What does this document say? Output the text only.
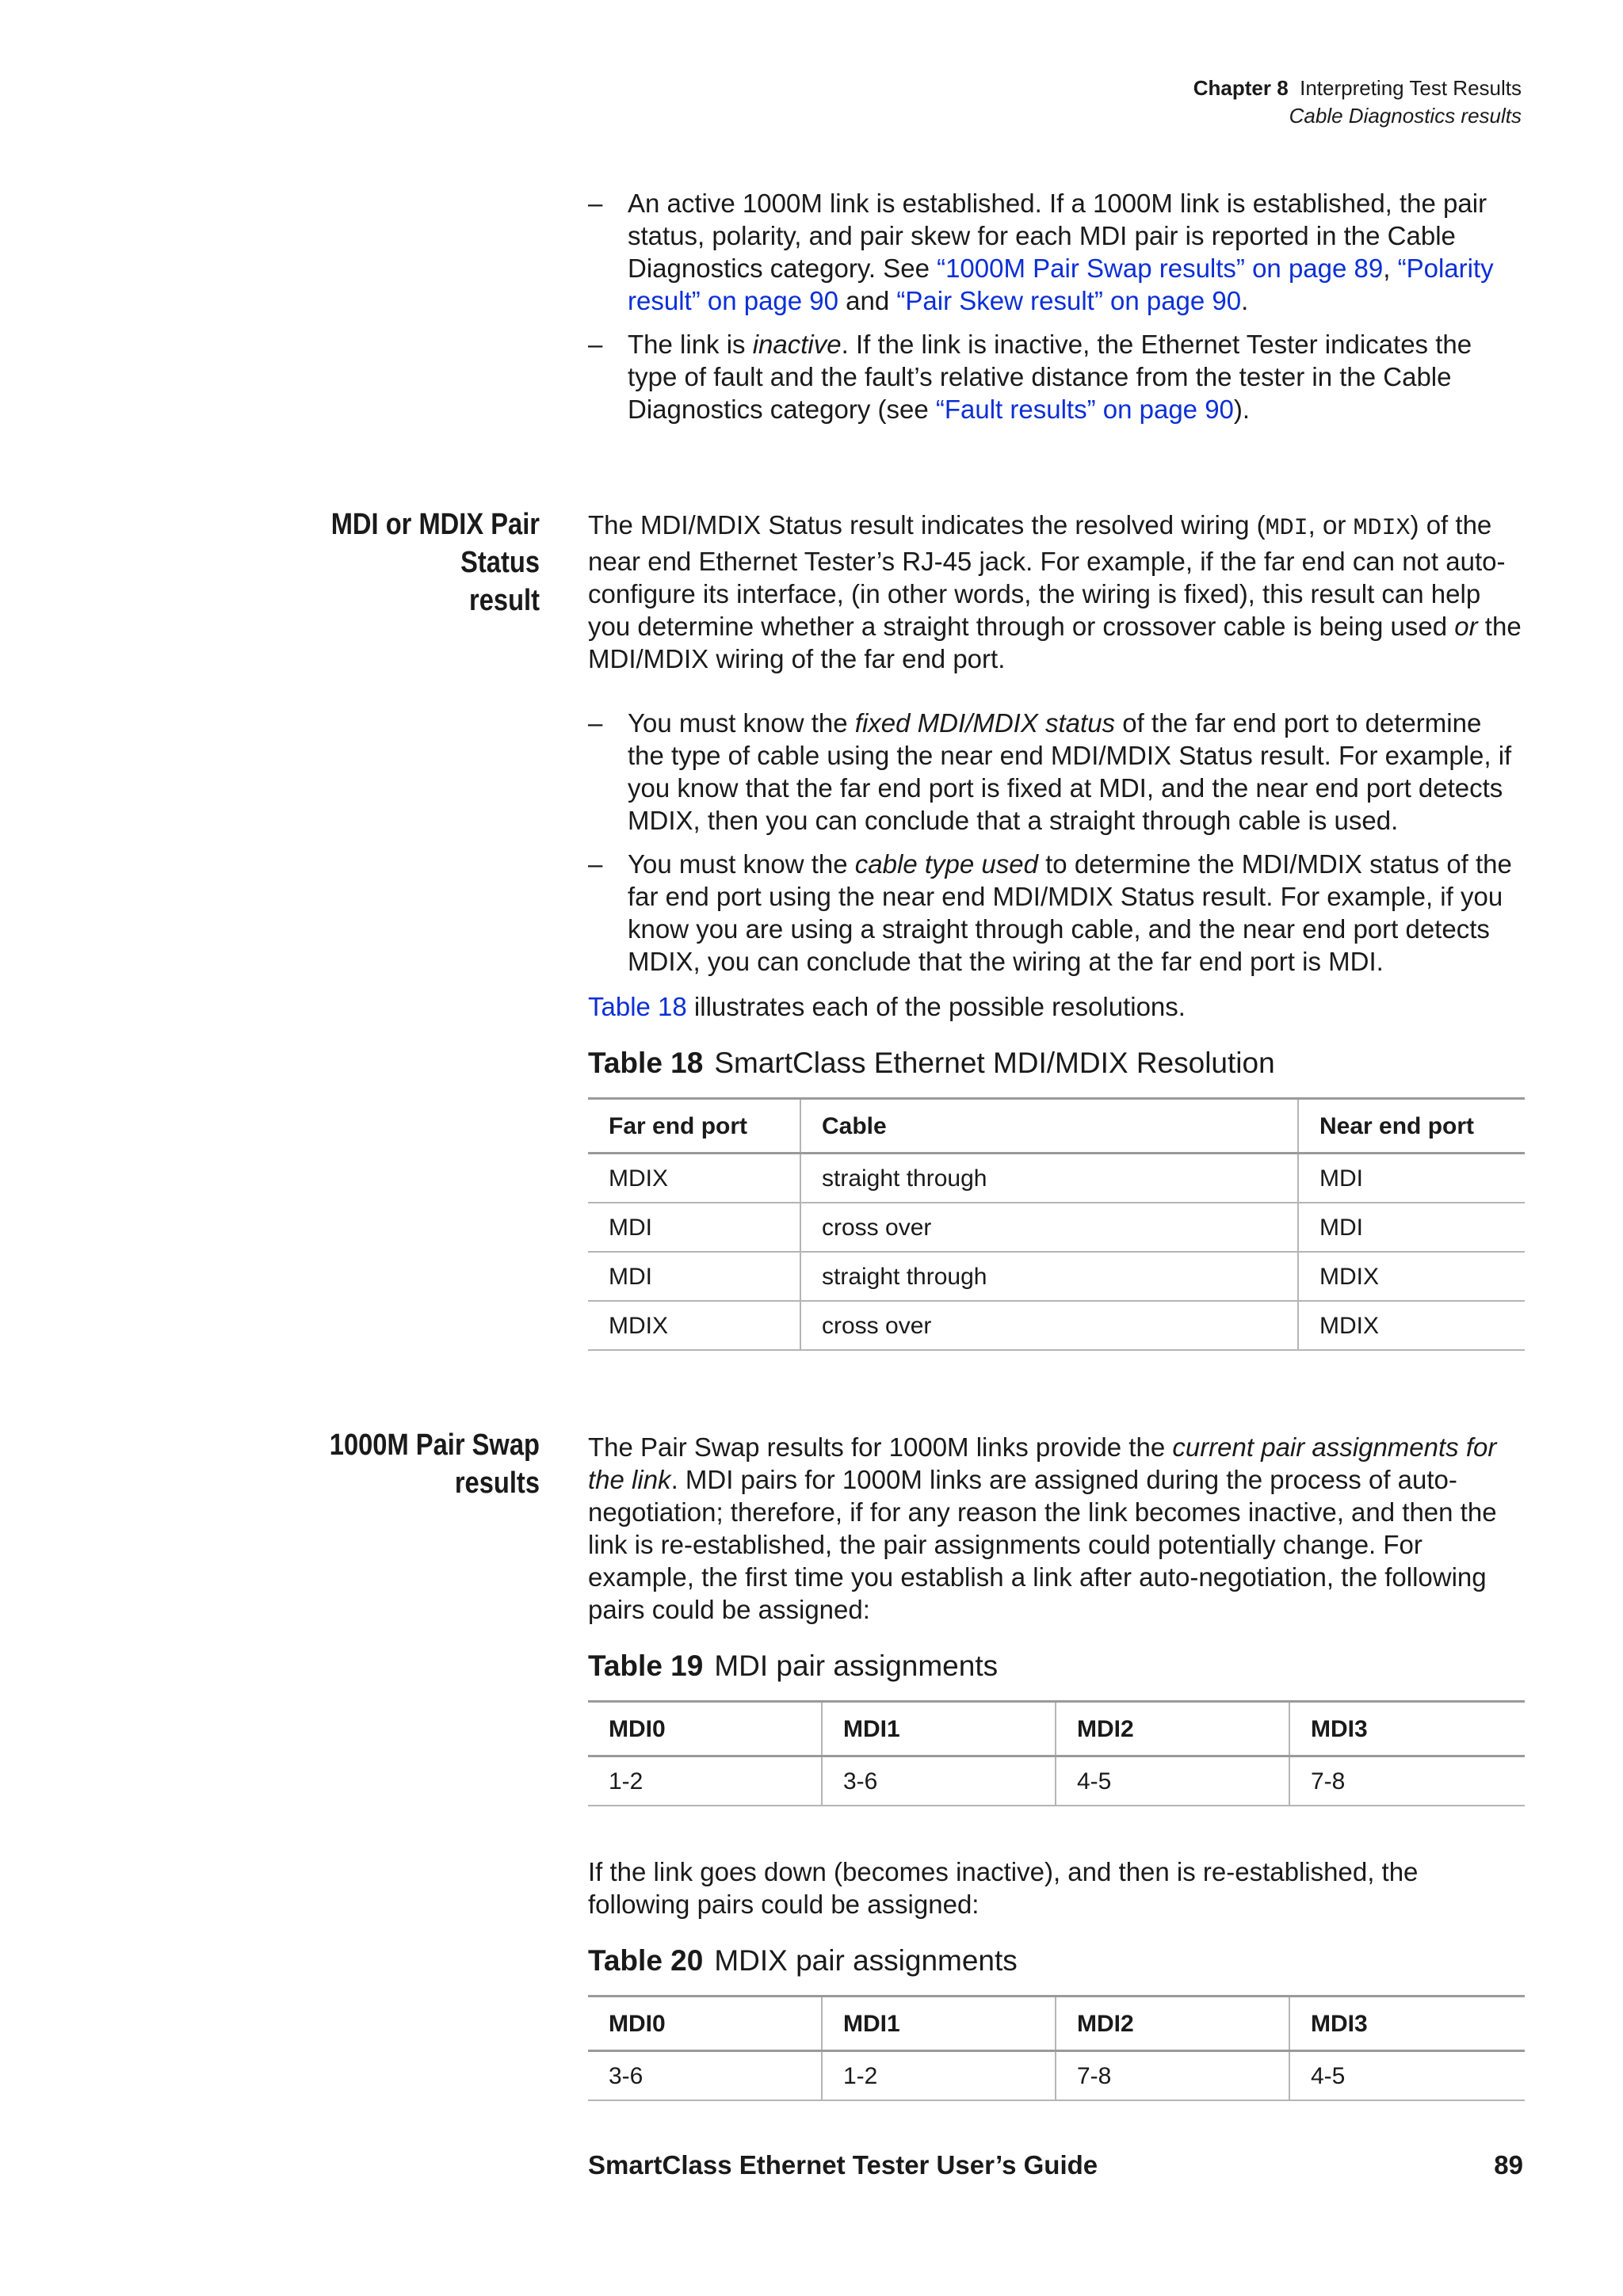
Chapter 8 Interpreting Test Results
Cable Diagnostics results

– An active 1000M link is established. If a 1000M link is established, the pair status, polarity, and pair skew for each MDI pair is reported in the Cable Diagnostics category. See “1000M Pair Swap results” on page 89, “Polarity result” on page 90 and “Pair Skew result” on page 90.

– The link is inactive. If the link is inactive, the Ethernet Tester indicates the type of fault and the fault’s relative distance from the tester in the Cable Diagnostics category (see “Fault results” on page 90).

MDI or MDIX Pair Status
result

The MDI/MDIX Status result indicates the resolved wiring (MDI, or MDIX) of the near end Ethernet Tester’s RJ-45 jack. For example, if the far end can not auto-configure its interface, (in other words, the wiring is fixed), this result can help you determine whether a straight through or crossover cable is being used or the MDI/MDIX wiring of the far end port.

– You must know the fixed MDI/MDIX status of the far end port to determine the type of cable using the near end MDI/MDIX Status result. For example, if you know that the far end port is fixed at MDI, and the near end port detects MDIX, then you can conclude that a straight through cable is used.

– You must know the cable type used to determine the MDI/MDIX status of the far end port using the near end MDI/MDIX Status result. For example, if you know you are using a straight through cable, and the near end port detects MDIX, you can conclude that the wiring at the far end port is MDI.

Table 18 illustrates each of the possible resolutions.

Table 18 SmartClass Ethernet MDI/MDIX Resolution
Far end port	Cable	Near end port
MDIX	straight through	MDI
MDI	cross over	MDI
MDI	straight through	MDIX
MDIX	cross over	MDIX
1000M Pair Swap results

The Pair Swap results for 1000M links provide the current pair assignments for the link. MDI pairs for 1000M links are assigned during the process of auto-negotiation; therefore, if for any reason the link becomes inactive, and then the link is re-established, the pair assignments could potentially change. For example, the first time you establish a link after auto-negotiation, the following pairs could be assigned:

Table 19 MDI pair assignments
MDI0	MDI1	MDI2	MDI3
1-2	3-6	4-5	7-8

If the link goes down (becomes inactive), and then is re-established, the following pairs could be assigned:

Table 20 MDIX pair assignments
MDI0	MDI1	MDI2	MDI3
3-6	1-2	7-8	4-5
SmartClass Ethernet Tester User’s Guide	89
